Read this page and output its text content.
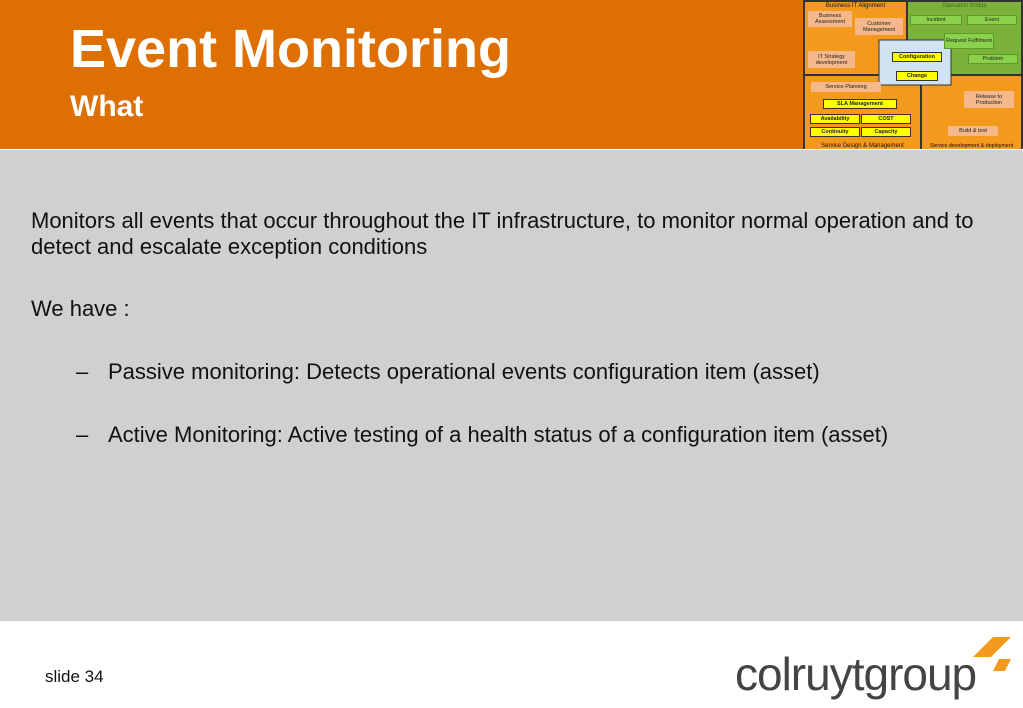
Event Monitoring
What
Business IT Alignment	Operation bridge
Business Assessment	Customer Management
IT Strategy development
Incident	Event
Request Fulfilment
Problem
Configuration
Change
Service Planning
SLA Management
Availability	COST
Continuity	Capacity
Release to Production
Build & test
Service Design & Management	Service development & deployment
Monitors all events that occur throughout the IT infrastructure, to monitor normal operation and to detect and escalate exception conditions
We have :
– Passive monitoring: Detects operational events configuration item (asset)
– Active Monitoring: Active testing of a health status of a configuration item (asset)
slide 34	colruytgroup
